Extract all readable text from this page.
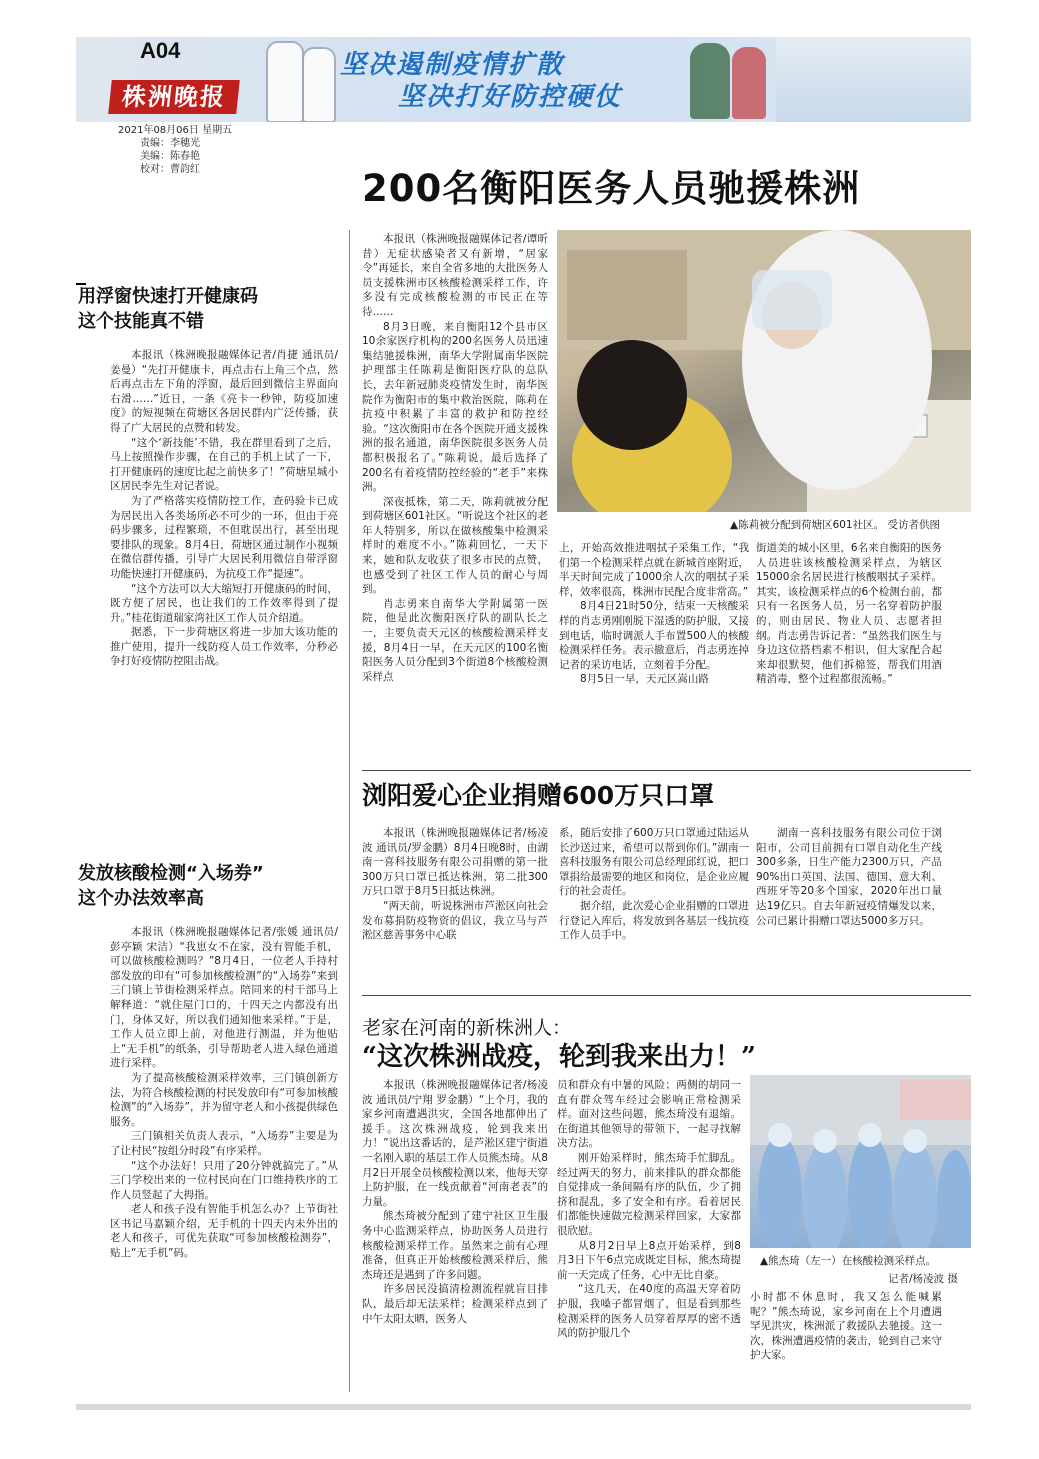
A04
株洲晚报
坚决遏制疫情扩散
坚决打好防控硬仗
2021年08月06日 星期五
责编：李穗光
美编：陈春艳
校对：曹韵红	200名衡阳医务人员驰援株洲
用浮窗快速打开健康码
这个技能真不错

本报讯（株洲晚报融媒体记者/肖捷 通讯员/姜曼）“先打开健康卡，再点击右上角三个点，然后再点击左下角的浮窗，最后回到微信主界面向右滑……”近日，一条《亮卡一秒钟，防疫加速度》的短视频在荷塘区各居民群内广泛传播，获得了广大居民的点赞和转发。

“这个‘新技能’不错，我在群里看到了之后，马上按照操作步骤，在自己的手机上试了一下，打开健康码的速度比起之前快多了！”荷塘星城小区居民李先生对记者说。

为了严格落实疫情防控工作，查码验卡已成为居民出入各类场所必不可少的一环，但由于亮码步骤多，过程繁琐，不但耽误出行，甚至出现要排队的现象。8月4日，荷塘区通过制作小视频在微信群传播，引导广大居民利用微信自带浮窗功能快速打开健康码，为抗疫工作“提速”。

“这个方法可以大大缩短打开健康码的时间，既方便了居民，也让我们的工作效率得到了提升。”桂花街道瑞家湾社区工作人员介绍道。

据悉，下一步荷塘区将进一步加大该功能的推广使用，提升一线防疫人员工作效率，分秒必争打好疫情防控阻击战。

发放核酸检测“入场券”
这个办法效率高

本报讯（株洲晚报融媒体记者/张媛 通讯员/彭亭颖 宋洁）“我崽女不在家，没有智能手机，可以做核酸检测吗？”8月4日，一位老人手持村部发放的印有“可参加核酸检测”的“入场券”来到三门镇上节街检测采样点。陪同来的村干部马上解释道：“就住屋门口的，十四天之内都没有出门，身体又好，所以我们通知他来采样。”于是，工作人员立即上前，对他进行测温，并为他贴上“无手机”的纸条，引导帮助老人进入绿色通道进行采样。

为了提高核酸检测采样效率，三门镇创新方法，为符合核酸检测的村民发放印有“可参加核酸检测”的“入场券”，并为留守老人和小孩提供绿色服务。

三门镇相关负责人表示，“入场券”主要是为了让村民“按组分时段”有序采样。

“这个办法好！只用了20分钟就搞完了。”从三门学校出来的一位村民向在门口维持秩序的工作人员竖起了大拇指。

老人和孩子没有智能手机怎么办？上节街社区书记马嘉颖介绍，无手机的十四天内未外出的老人和孩子，可优先获取“可参加核酸检测券”，贴上“无手机”码。

本报讯（株洲晚报融媒体记者/谭昕昔）无症状感染者又有新增，“居家令”再延长，来自全省多地的大批医务人员支援株洲市区核酸检测采样工作，许多没有完成核酸检测的市民正在等待……

8月3日晚，来自衡阳12个县市区10余家医疗机构的200名医务人员迅速集结驰援株洲，南华大学附属南华医院护理部主任陈莉是衡阳医疗队的总队长，去年新冠肺炎疫情发生时，南华医院作为衡阳市的集中救治医院，陈莉在抗疫中积累了丰富的救护和防控经验。“这次衡阳市在各个医院开通支援株洲的报名通道，南华医院很多医务人员都积极报名了。”陈莉说，最后选择了200名有着疫情防控经验的“老手”来株洲。

深夜抵株，第二天，陈莉就被分配到荷塘区601社区。“听说这个社区的老年人特别多，所以在做核酸集中检测采样时的难度不小。”陈莉回忆，一天下来，她和队友收获了很多市民的点赞，也感受到了社区工作人员的耐心与周到。

肖志勇来自南华大学附属第一医院，他是此次衡阳医疗队的副队长之一，主要负责天元区的核酸检测采样支援，8月4日一早，在天元区的100名衡阳医务人员分配到3个街道8个核酸检测采样点

▲陈莉被分配到荷塘区601社区。 受访者供图

上，开始高效推进咽拭子采集工作，“我们第一个检测采样点就在新城首座附近，半天时间完成了1000余人次的咽拭子采样，效率很高，株洲市民配合度非常高。”

8月4日21时50分，结束一天核酸采样的肖志勇刚刚脱下湿透的防护服，又接到电话，临时调派人手布置500人的核酸检测采样任务。表示撤意后，肖志勇连掉记者的采访电话，立刻着手分配。

8月5日一早，天元区嵩山路

街道美的城小区里，6名来自衡阳的医务人员进驻该核酸检测采样点，为辖区15000余名居民进行核酸咽拭子采样。其实，该检测采样点的6个检测台前，都只有一名医务人员，另一名穿着防护服的，则由居民、物业人员、志愿者担纲。肖志勇告诉记者：“虽然我们医生与身边这位搭档素不相识，但大家配合起来却很默契，他们拆棉签，帮我们用酒精消毒，整个过程都很流畅。”

浏阳爱心企业捐赠600万只口罩

本报讯（株洲晚报融媒体记者/杨凌波 通讯员/罗金鹏）8月4日晚8时，由湖南一喜科技服务有限公司捐赠的第一批300万只口罩已抵达株洲，第二批300万只口罩于8月5日抵达株洲。

“两天前，听说株洲市芦淞区向社会发布募捐防疫物资的倡议，我立马与芦淞区慈善事务中心联

系，随后安排了600万只口罩通过陆运从长沙送过来，希望可以帮到你们。”湖南一喜科技服务有限公司总经理邱红说，把口罩捐给最需要的地区和岗位，是企业应履行的社会责任。

据介绍，此次爱心企业捐赠的口罩进行登记入库后，将发放到各基层一线抗疫工作人员手中。

湖南一喜科技服务有限公司位于浏阳市，公司目前拥有口罩自动化生产线300多条，日生产能力2300万只，产品90%出口英国、法国、德国、意大利、西班牙等20多个国家，2020年出口量达19亿只。自去年新冠疫情爆发以来，公司已累计捐赠口罩达5000多万只。

老家在河南的新株洲人：
“这次株洲战疫，轮到我来出力！”

本报讯（株洲晚报融媒体记者/杨凌波 通讯员/宁翔 罗金鹏）“上个月，我的家乡河南遭遇洪灾，全国各地都伸出了援手。这次株洲战疫，轮到我来出力！”说出这番话的，是芦淞区建宁街道一名刚入职的基层工作人员熊杰琦。从8月2日开展全员核酸检测以来，他每天穿上防护服，在一线贡献着“河南老表”的力量。

熊杰琦被分配到了建宁社区卫生服务中心监测采样点，协助医务人员进行核酸检测采样工作。虽然来之前有心理准备，但真正开始核酸检测采样后，熊杰琦还是遇到了许多问题。

许多居民没搞清检测流程就盲目排队，最后却无法采样；检测采样点到了中午太阳太晒，医务人

员和群众有中暑的风险；两侧的胡同一直有群众驾车经过会影响正常检测采样。面对这些问题，熊杰琦没有退缩。在街道其他领导的带领下，一起寻找解决方法。

刚开始采样时，熊杰琦手忙脚乱。经过两天的努力，前来排队的群众都能自觉排成一条间隔有序的队伍，少了拥挤和混乱，多了安全和有序。看着居民们都能快速做完检测采样回家，大家都很欣慰。

从8月2日早上8点开始采样，到8月3日下午6点完成既定目标，熊杰琦提前一天完成了任务，心中无比自豪。

“这几天，在40度的高温天穿着防护服，我嗓子都冒烟了，但是看到那些检测采样的医务人员穿着厚厚的密不透风的防护服几个

▲熊杰琦（左一）在核酸检测采样点。
记者/杨凌波 摄

小时都不休息时，我又怎么能喊累呢？”熊杰琦说，家乡河南在上个月遭遇罕见洪灾，株洲派了救援队去驰援。这一次，株洲遭遇疫情的袭击，轮到自己来守护大家。
